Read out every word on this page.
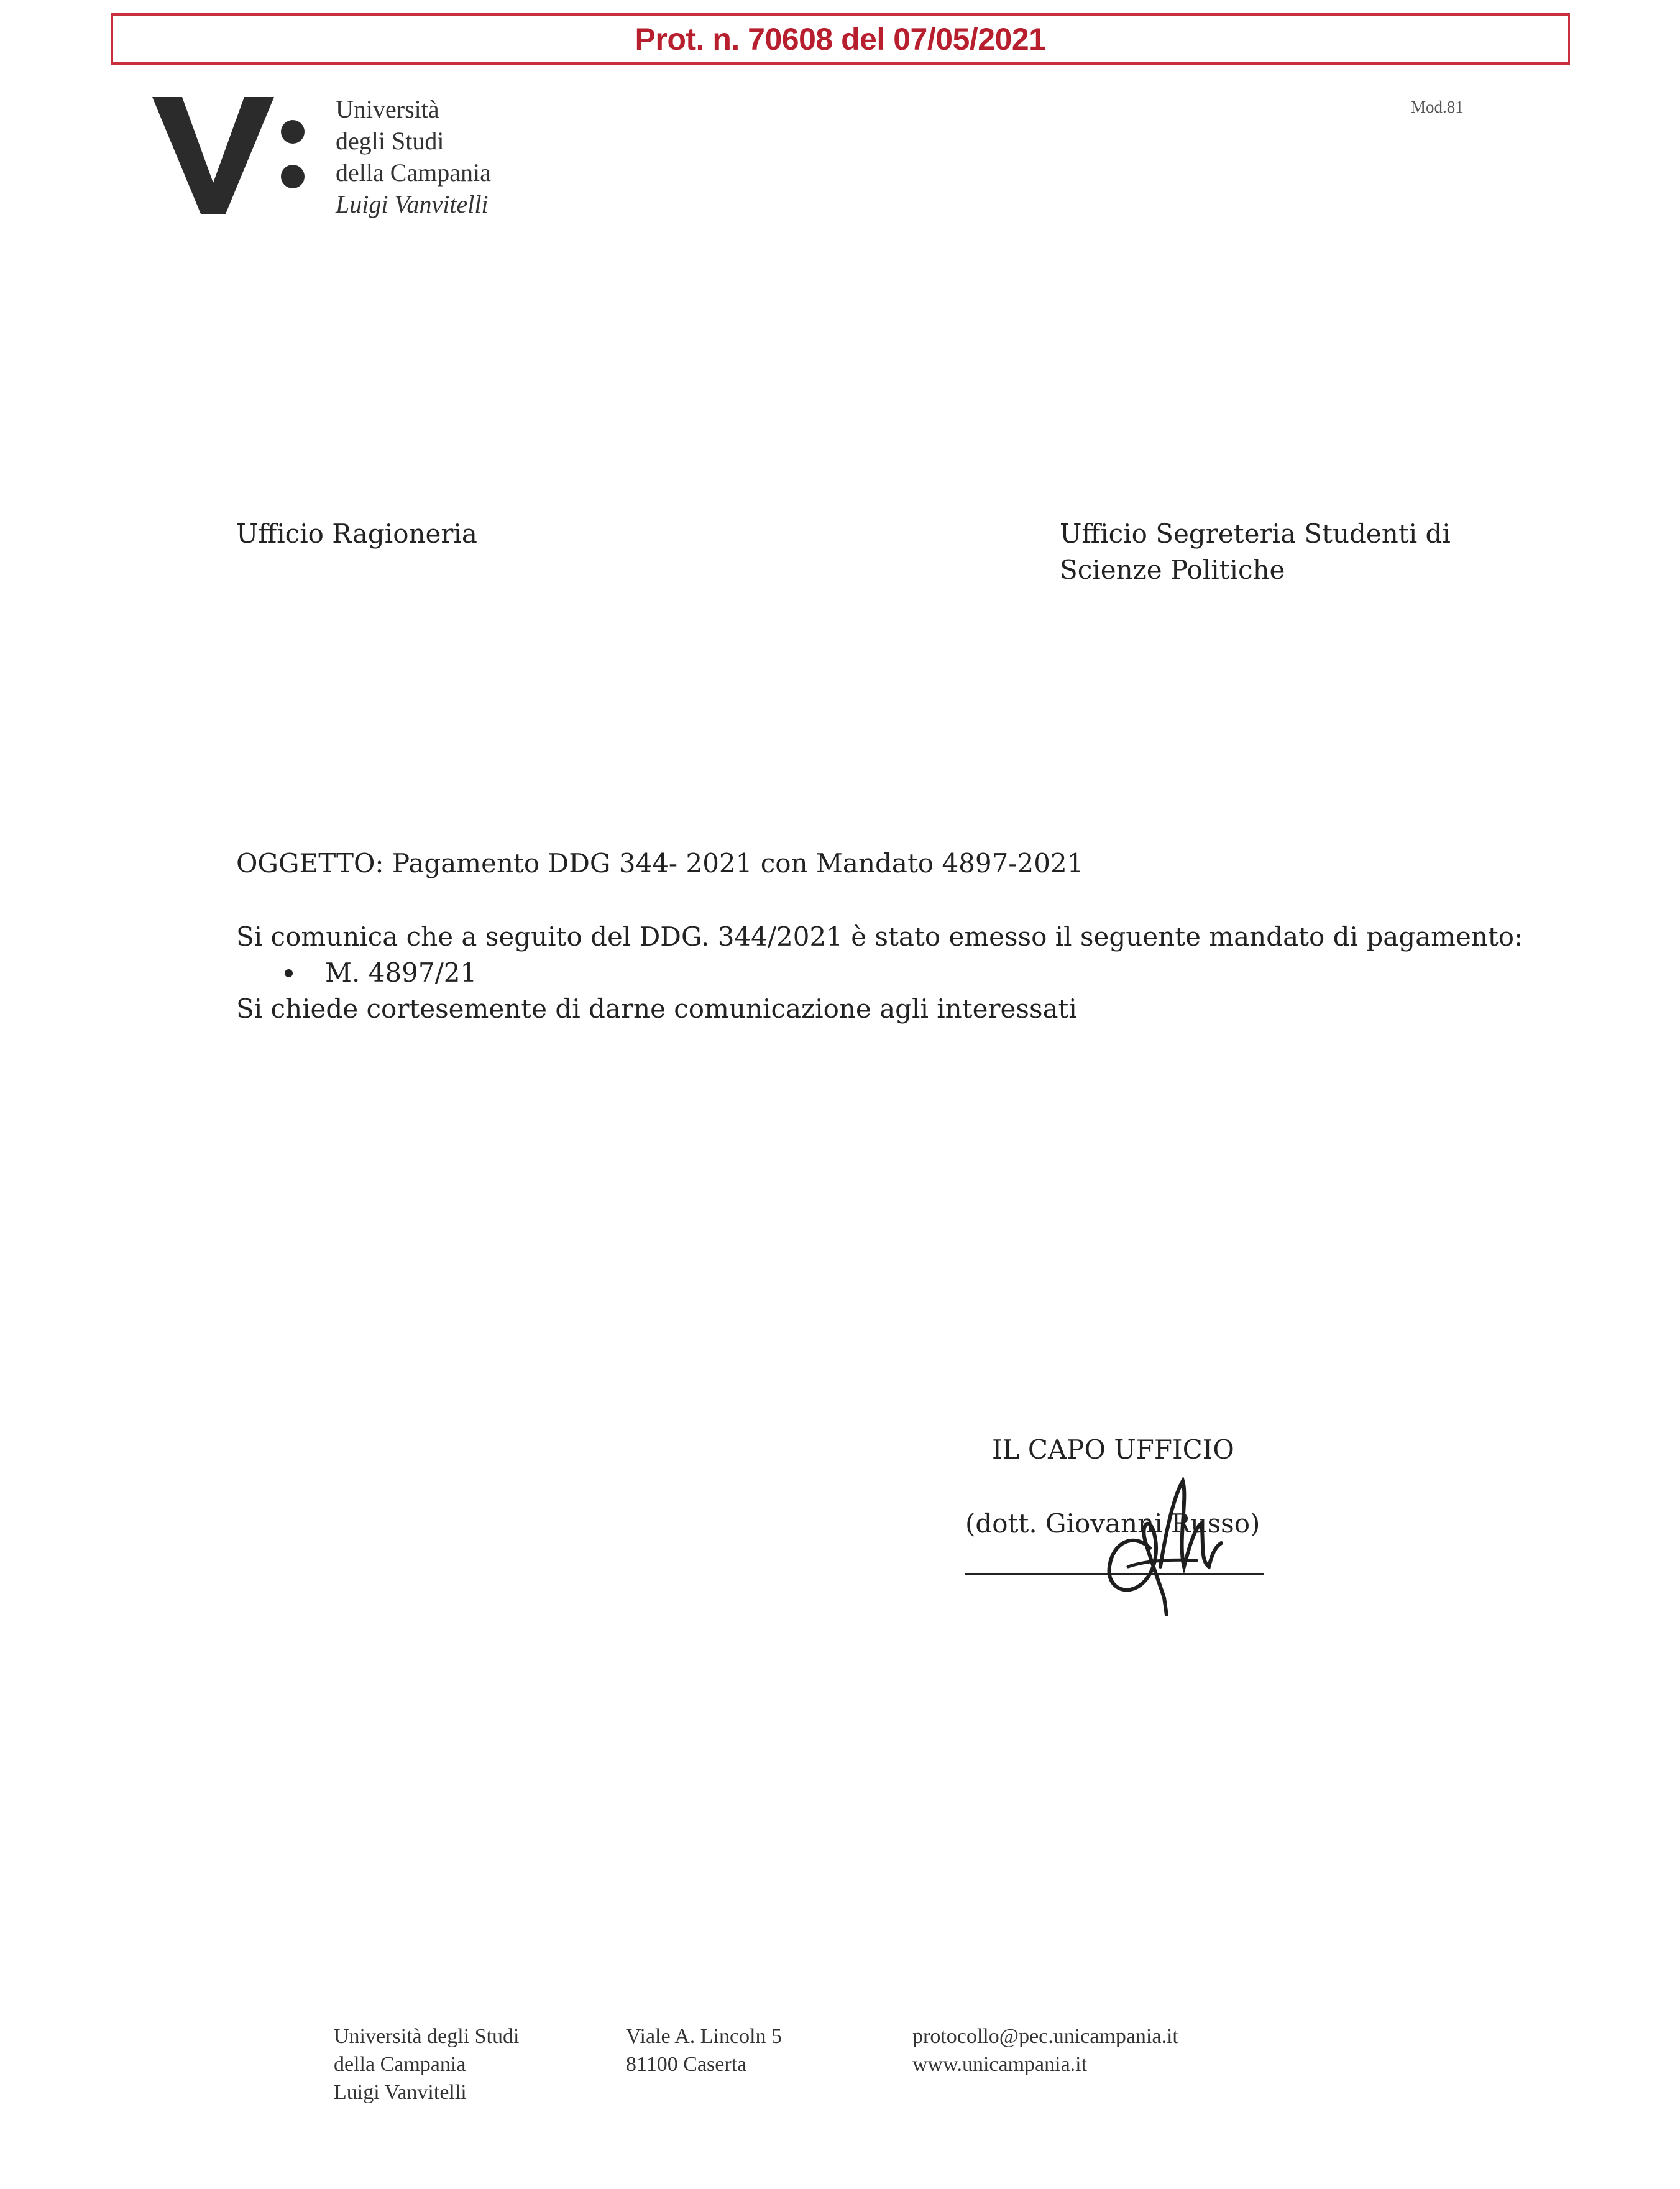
Prot. n. 70608 del 07/05/2021
Università
degli Studi
della Campania
Luigi Vanvitelli
Mod.81
Ufficio Ragioneria	Ufficio Segreteria Studenti di
Scienze Politiche
OGGETTO: Pagamento DDG 344- 2021 con Mandato 4897-2021
Si comunica che a seguito del DDG. 344/2021 è stato emesso il seguente mandato di pagamento:
M. 4897/21
Si chiede cortesemente di darne comunicazione agli interessati
IL CAPO UFFICIO
(dott. Giovanni Russo)
Università degli Studi
della Campania
Luigi Vanvitelli
Viale A. Lincoln 5
81100 Caserta
protocollo@pec.unicampania.it
www.unicampania.it
